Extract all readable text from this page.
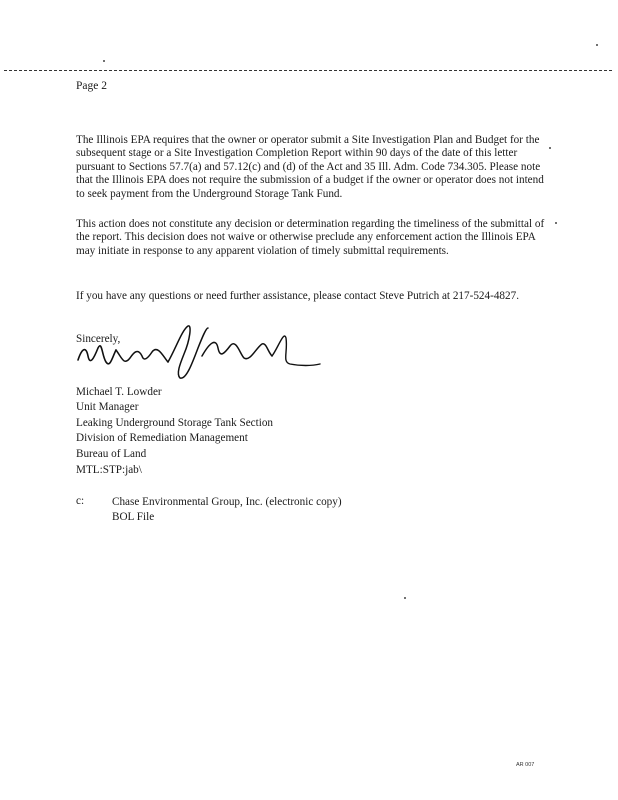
Page 2

The Illinois EPA requires that the owner or operator submit a Site Investigation Plan and Budget for the subsequent stage or a Site Investigation Completion Report within 90 days of the date of this letter pursuant to Sections 57.7(a) and 57.12(c) and (d) of the Act and 35 Ill. Adm. Code 734.305. Please note that the Illinois EPA does not require the submission of a budget if the owner or operator does not intend to seek payment from the Underground Storage Tank Fund.

This action does not constitute any decision or determination regarding the timeliness of the submittal of the report. This decision does not waive or otherwise preclude any enforcement action the Illinois EPA may initiate in response to any apparent violation of timely submittal requirements.

If you have any questions or need further assistance, please contact Steve Putrich at 217-524-4827.

Sincerely,
Michael T. Lowder
Unit Manager
Leaking Underground Storage Tank Section
Division of Remediation Management
Bureau of Land
MTL:STP:jab\
c: Chase Environmental Group, Inc. (electronic copy)
BOL File
AR 007
